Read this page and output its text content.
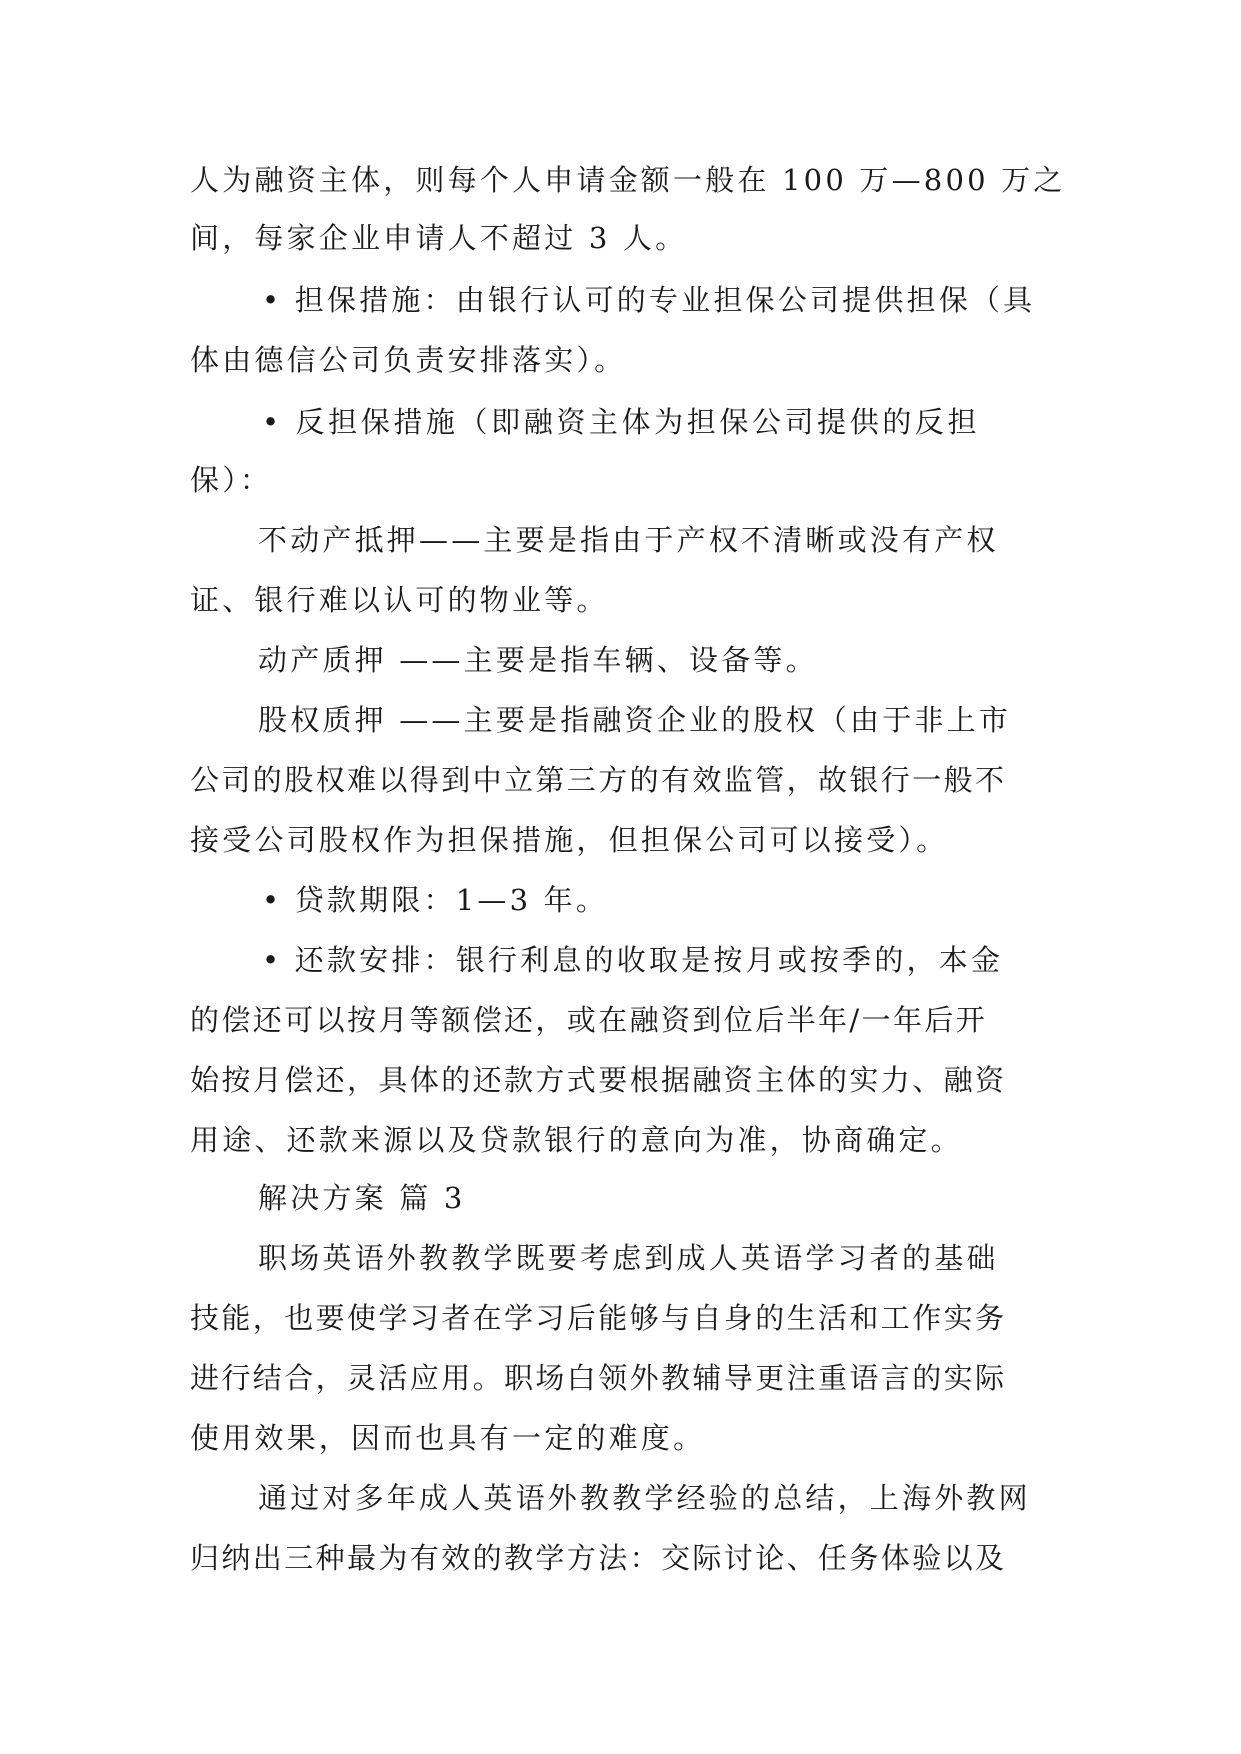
人为融资主体，则每个人申请金额一般在 100 万—800 万之
间，每家企业申请人不超过 3 人。
• 担保措施：由银行认可的专业担保公司提供担保（具
体由德信公司负责安排落实）。
• 反担保措施（即融资主体为担保公司提供的反担
保）：
不动产抵押——主要是指由于产权不清晰或没有产权
证、银行难以认可的物业等。
动产质押 ——主要是指车辆、设备等。
股权质押 ——主要是指融资企业的股权（由于非上市
公司的股权难以得到中立第三方的有效监管，故银行一般不
接受公司股权作为担保措施，但担保公司可以接受）。
• 贷款期限：1—3 年。
• 还款安排：银行利息的收取是按月或按季的，本金
的偿还可以按月等额偿还，或在融资到位后半年/一年后开
始按月偿还，具体的还款方式要根据融资主体的实力、融资
用途、还款来源以及贷款银行的意向为准，协商确定。
解决方案 篇 3
职场英语外教教学既要考虑到成人英语学习者的基础
技能，也要使学习者在学习后能够与自身的生活和工作实务
进行结合，灵活应用。职场白领外教辅导更注重语言的实际
使用效果，因而也具有一定的难度。
通过对多年成人英语外教教学经验的总结，上海外教网
归纳出三种最为有效的教学方法：交际讨论、任务体验以及
